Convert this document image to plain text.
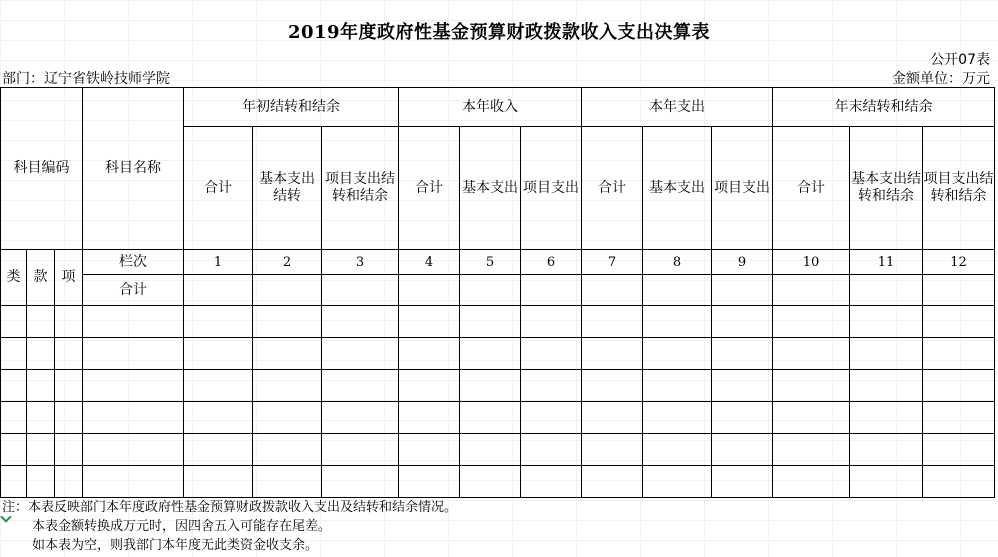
2019年度政府性基金预算财政拨款收入支出决算表
公开07表
部门：辽宁省铁岭技师学院	金额单位：万元
科目编码			科目名称	年初结转和结余			本年收入			本年支出			年末结转和结余		
				合计	基本支出结转	项目支出结转和结余	合计	基本支出	项目支出	合计	基本支出	项目支出	合计	基本支出结转和结余	项目支出结转和结余
类	款	项	栏次	1	2	3	4	5	6	7	8	9	10	11	12
			合计												

注：本表反映部门本年度政府性基金预算财政拨款收入支出及结转和结余情况。
本表金额转换成万元时，因四舍五入可能存在尾差。
如本表为空，则我部门本年度无此类资金收支余。
